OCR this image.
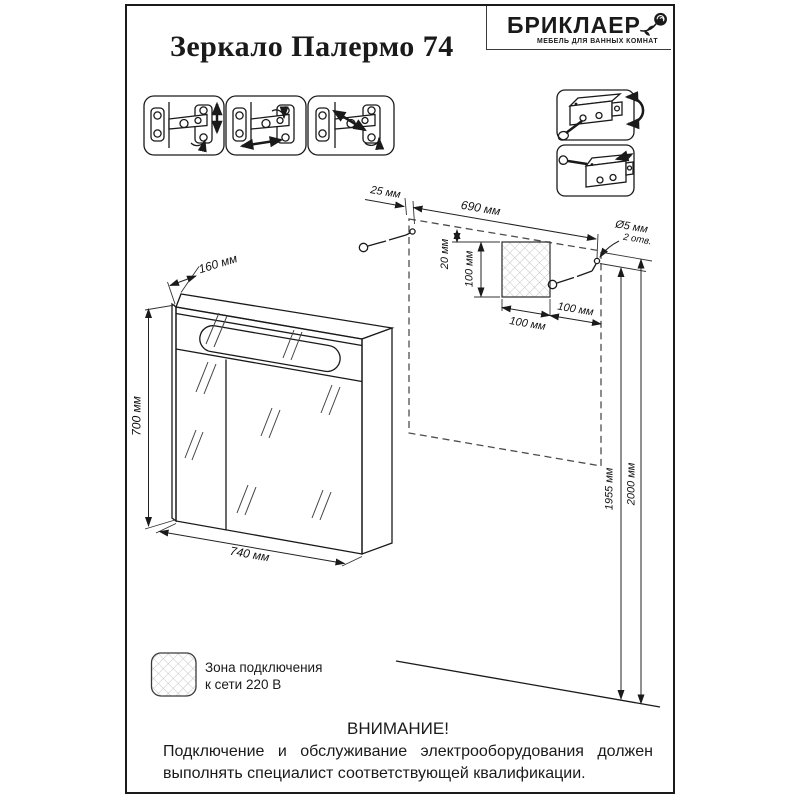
Зеркало Палермо 74
БРИКЛАЕР
МЕБЕЛЬ ДЛЯ ВАННЫХ КОМНАТ
160 мм
700 мм
740 мм
25 мм
690 мм
20 мм 100 мм
100 мм
100 мм
Ø5 мм
2 отв.
1955 мм 2000 мм
Зона подключения
к сети 220 В
ВНИМАНИЕ!
Подключение и обслуживание электрооборудования должен
выполнять специалист соответствующей квалификации.
